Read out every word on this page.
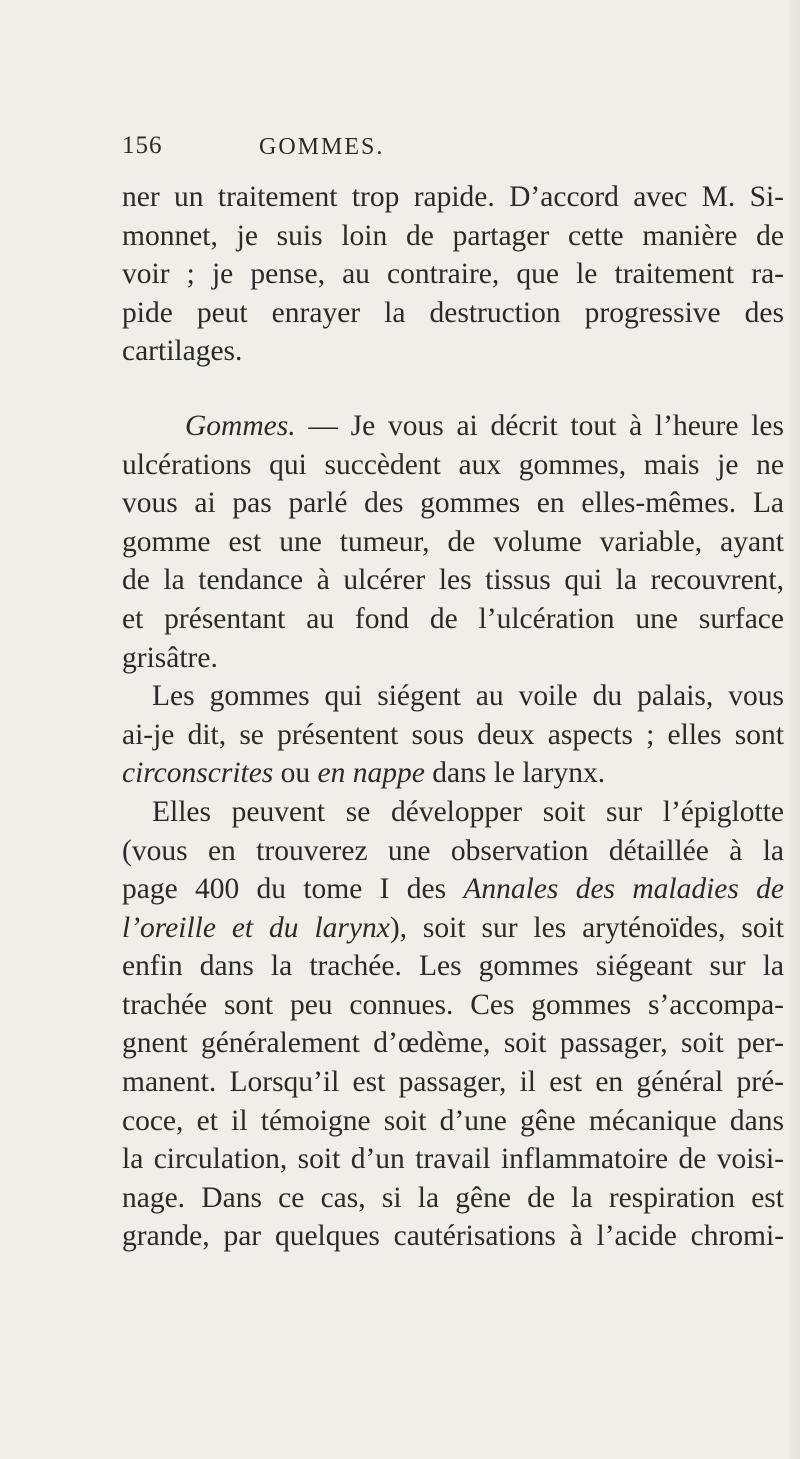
156	GOMMES.

ner un traitement trop rapide. D’accord avec M. Si-
monnet, je suis loin de partager cette manière de
voir ; je pense, au contraire, que le traitement ra-
pide peut enrayer la destruction progressive des
cartilages.

Gommes. — Je vous ai décrit tout à l’heure les
ulcérations qui succèdent aux gommes, mais je ne
vous ai pas parlé des gommes en elles-mêmes. La
gomme est une tumeur, de volume variable, ayant
de la tendance à ulcérer les tissus qui la recouvrent,
et présentant au fond de l’ulcération une surface
grisâtre.

Les gommes qui siégent au voile du palais, vous
ai-je dit, se présentent sous deux aspects ; elles sont
circonscrites ou en nappe dans le larynx.

Elles peuvent se développer soit sur l’épiglotte
(vous en trouverez une observation détaillée à la
page 400 du tome I des Annales des maladies de
l’oreille et du larynx), soit sur les aryténoïdes, soit
enfin dans la trachée. Les gommes siégeant sur la
trachée sont peu connues. Ces gommes s’accompa-
gnent généralement d’œdème, soit passager, soit per-
manent. Lorsqu’il est passager, il est en général pré-
coce, et il témoigne soit d’une gêne mécanique dans
la circulation, soit d’un travail inflammatoire de voisi-
nage. Dans ce cas, si la gêne de la respiration est
grande, par quelques cautérisations à l’acide chromi-
